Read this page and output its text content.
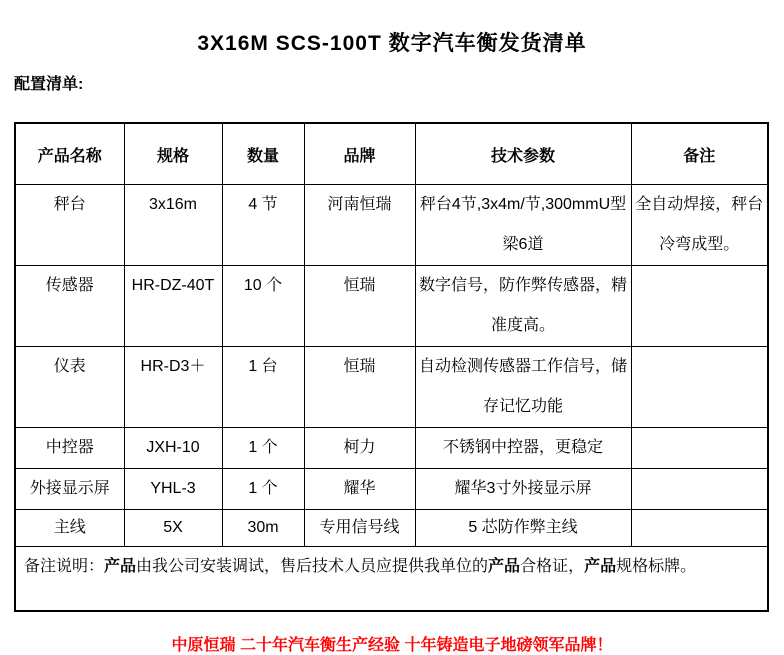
3X16M SCS-100T 数字汽车衡发货清单
配置清单:
产品名称	规格	数量	品牌	技术参数	备注
秤台	3x16m	4 节	河南恒瑞	秤台4节,3x4m/节,300mmU型梁6道	全自动焊接，秤台冷弯成型。
传感器	HR-DZ-40T	10 个	恒瑞	数字信号，防作弊传感器，精准度高。	
仪表	HR-D3＋	1 台	恒瑞	自动检测传感器工作信号，储存记忆功能	
中控器	JXH-10	1 个	柯力	不锈钢中控器，更稳定	
外接显示屏	YHL-3	1 个	耀华	耀华3寸外接显示屏	
主线	5X	30m	专用信号线	5 芯防作弊主线	
备注说明：产品由我公司安装调试，售后技术人员应提供我单位的产品合格证，产品规格标牌。					
中原恒瑞 二十年汽车衡生产经验 十年铸造电子地磅领军品牌！
